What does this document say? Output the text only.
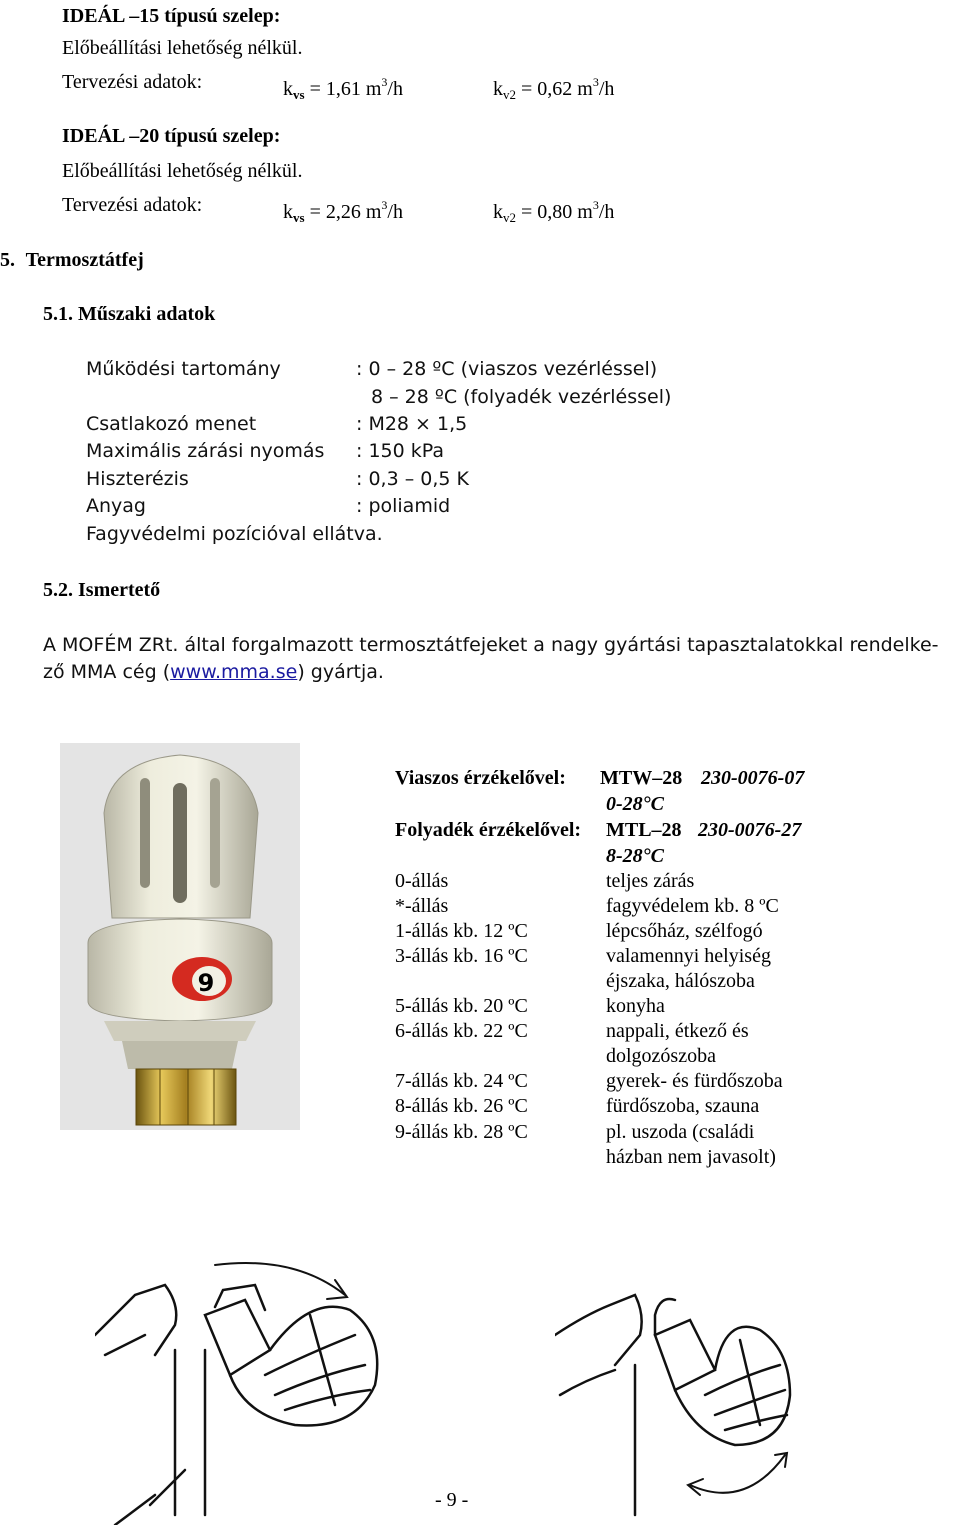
IDEÁL –15 típusú szelep:
Előbeállítási lehetőség nélkül.
Tervezési adatok:	$k_{vs} = 1,61$ $m^3/h$	$k_{v2} = 0,62$ $m^3/h$
IDEÁL –20 típusú szelep:
Előbeállítási lehetőség nélkül.
Tervezési adatok:	$k_{vs} = 2,26$ $m^3/h$	$k_{v2} = 0,80$ $m^3/h$
5. Termosztátfej
5.1. Műszaki adatok
Működési tartomány	: 0 – 28 ºC (viaszos vezérléssel)
8 – 28 ºC (folyadék vezérléssel)
Csatlakozó menet	: M28 × 1,5
Maximális zárási nyomás : 150 kPa
Hiszterézis	: 0,3 – 0,5 K
Anyag	: poliamid
Fagyvédelmi pozícióval ellátva.
5.2. Ismertető
A MOFÉM ZRt. által forgalmazott termosztátfejeket a nagy gyártási tapasztalatokkal rendelke-
ző MMA cég (www.mma.se) gyártja.
9
Viaszos érzékelővel: MTW–28 230-0076-07
0-28°C
Folyadék érzékelővel: MTL–28 230-0076-27
8-28°C
0-állás	teljes zárás
*-állás	fagyvédelem kb. 8 ºC
1-állás kb. 12 ºC	lépcsőház, szélfogó
3-állás kb. 16 ºC	valamennyi helyiség
éjszaka, hálószoba
5-állás kb. 20 ºC	konyha
6-állás kb. 22 ºC	nappali, étkező és
dolgozószoba
7-állás kb. 24 ºC	gyerek- és fürdőszoba
8-állás kb. 26 ºC	fürdőszoba, szauna
9-állás kb. 28 ºC	pl. uszoda (családi
házban nem javasolt)
- 9 -
